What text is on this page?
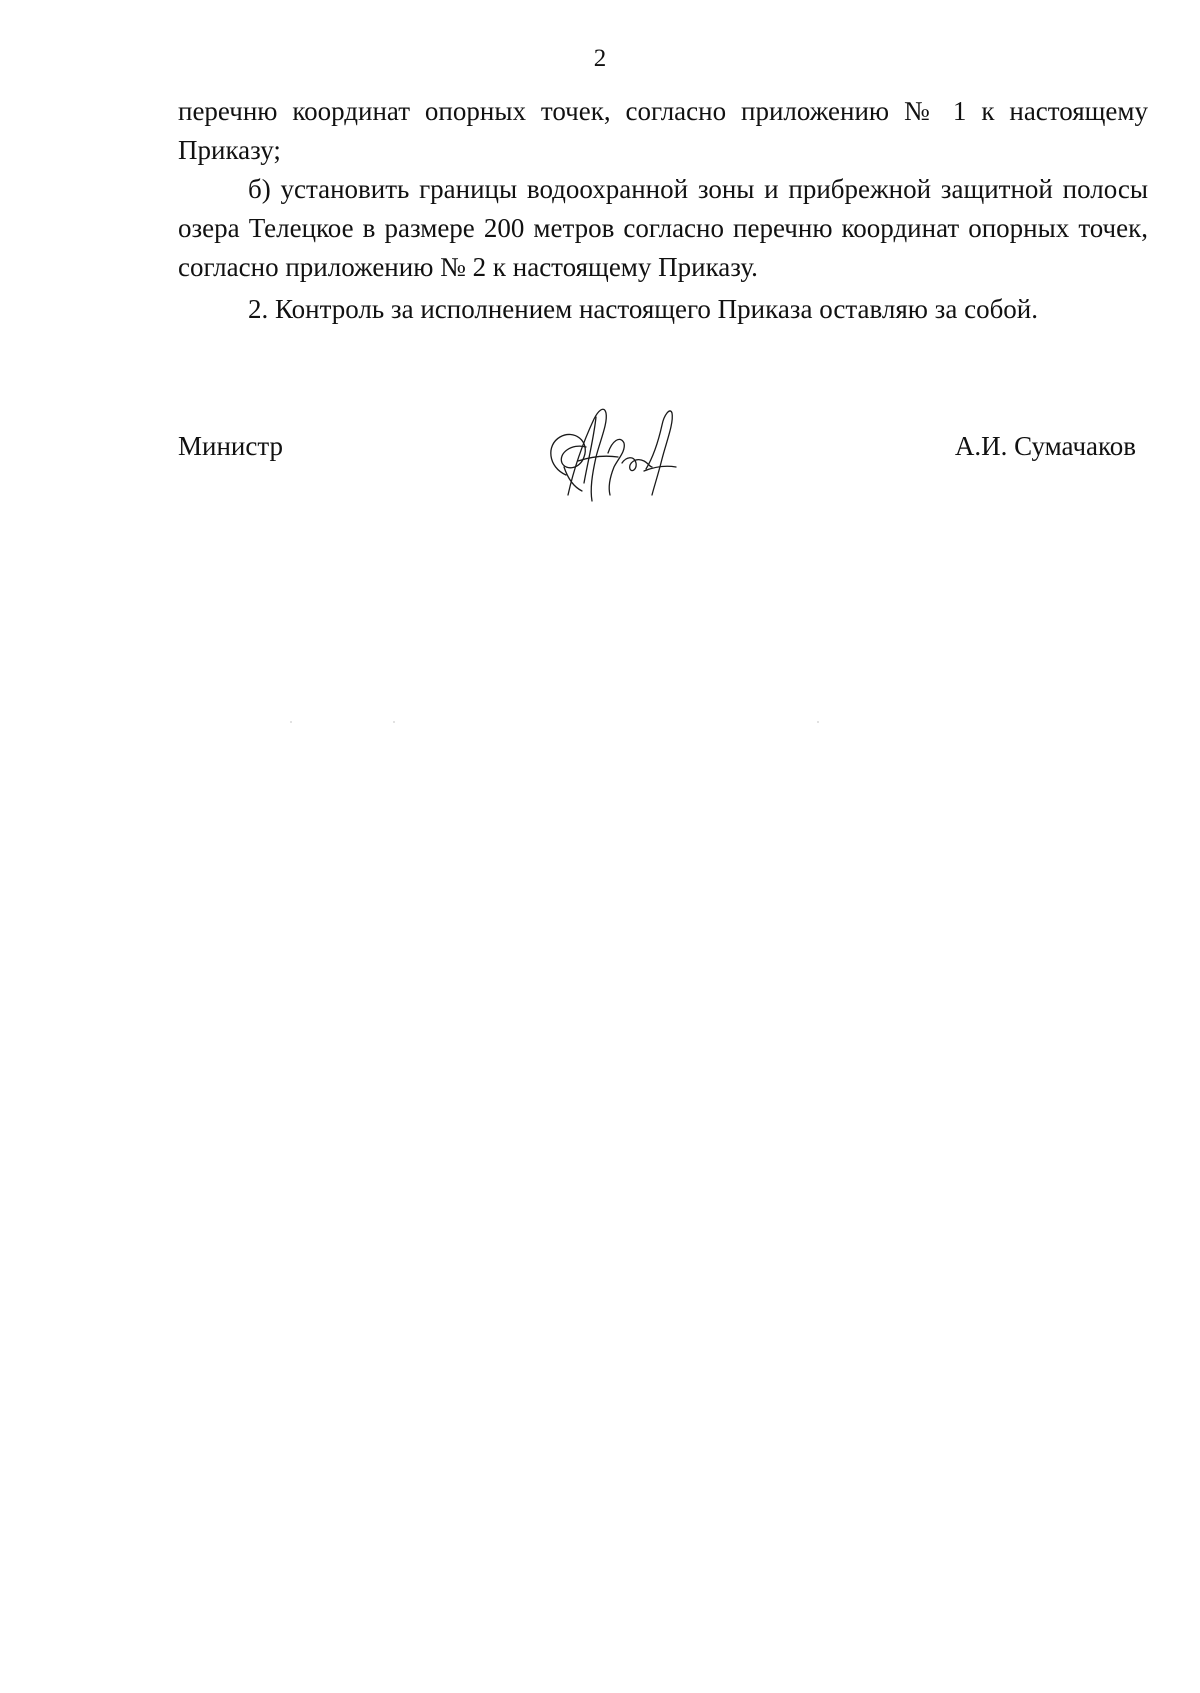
2

перечню координат опорных точек, согласно приложению № 1 к настоящему Приказу;

б) установить границы водоохранной зоны и прибрежной защитной полосы озера Телецкое в размере 200 метров согласно перечню координат опорных точек, согласно приложению № 2 к настоящему Приказу.

2. Контроль за исполнением настоящего Приказа оставляю за собой.

Министр	А.И. Сумачаков
